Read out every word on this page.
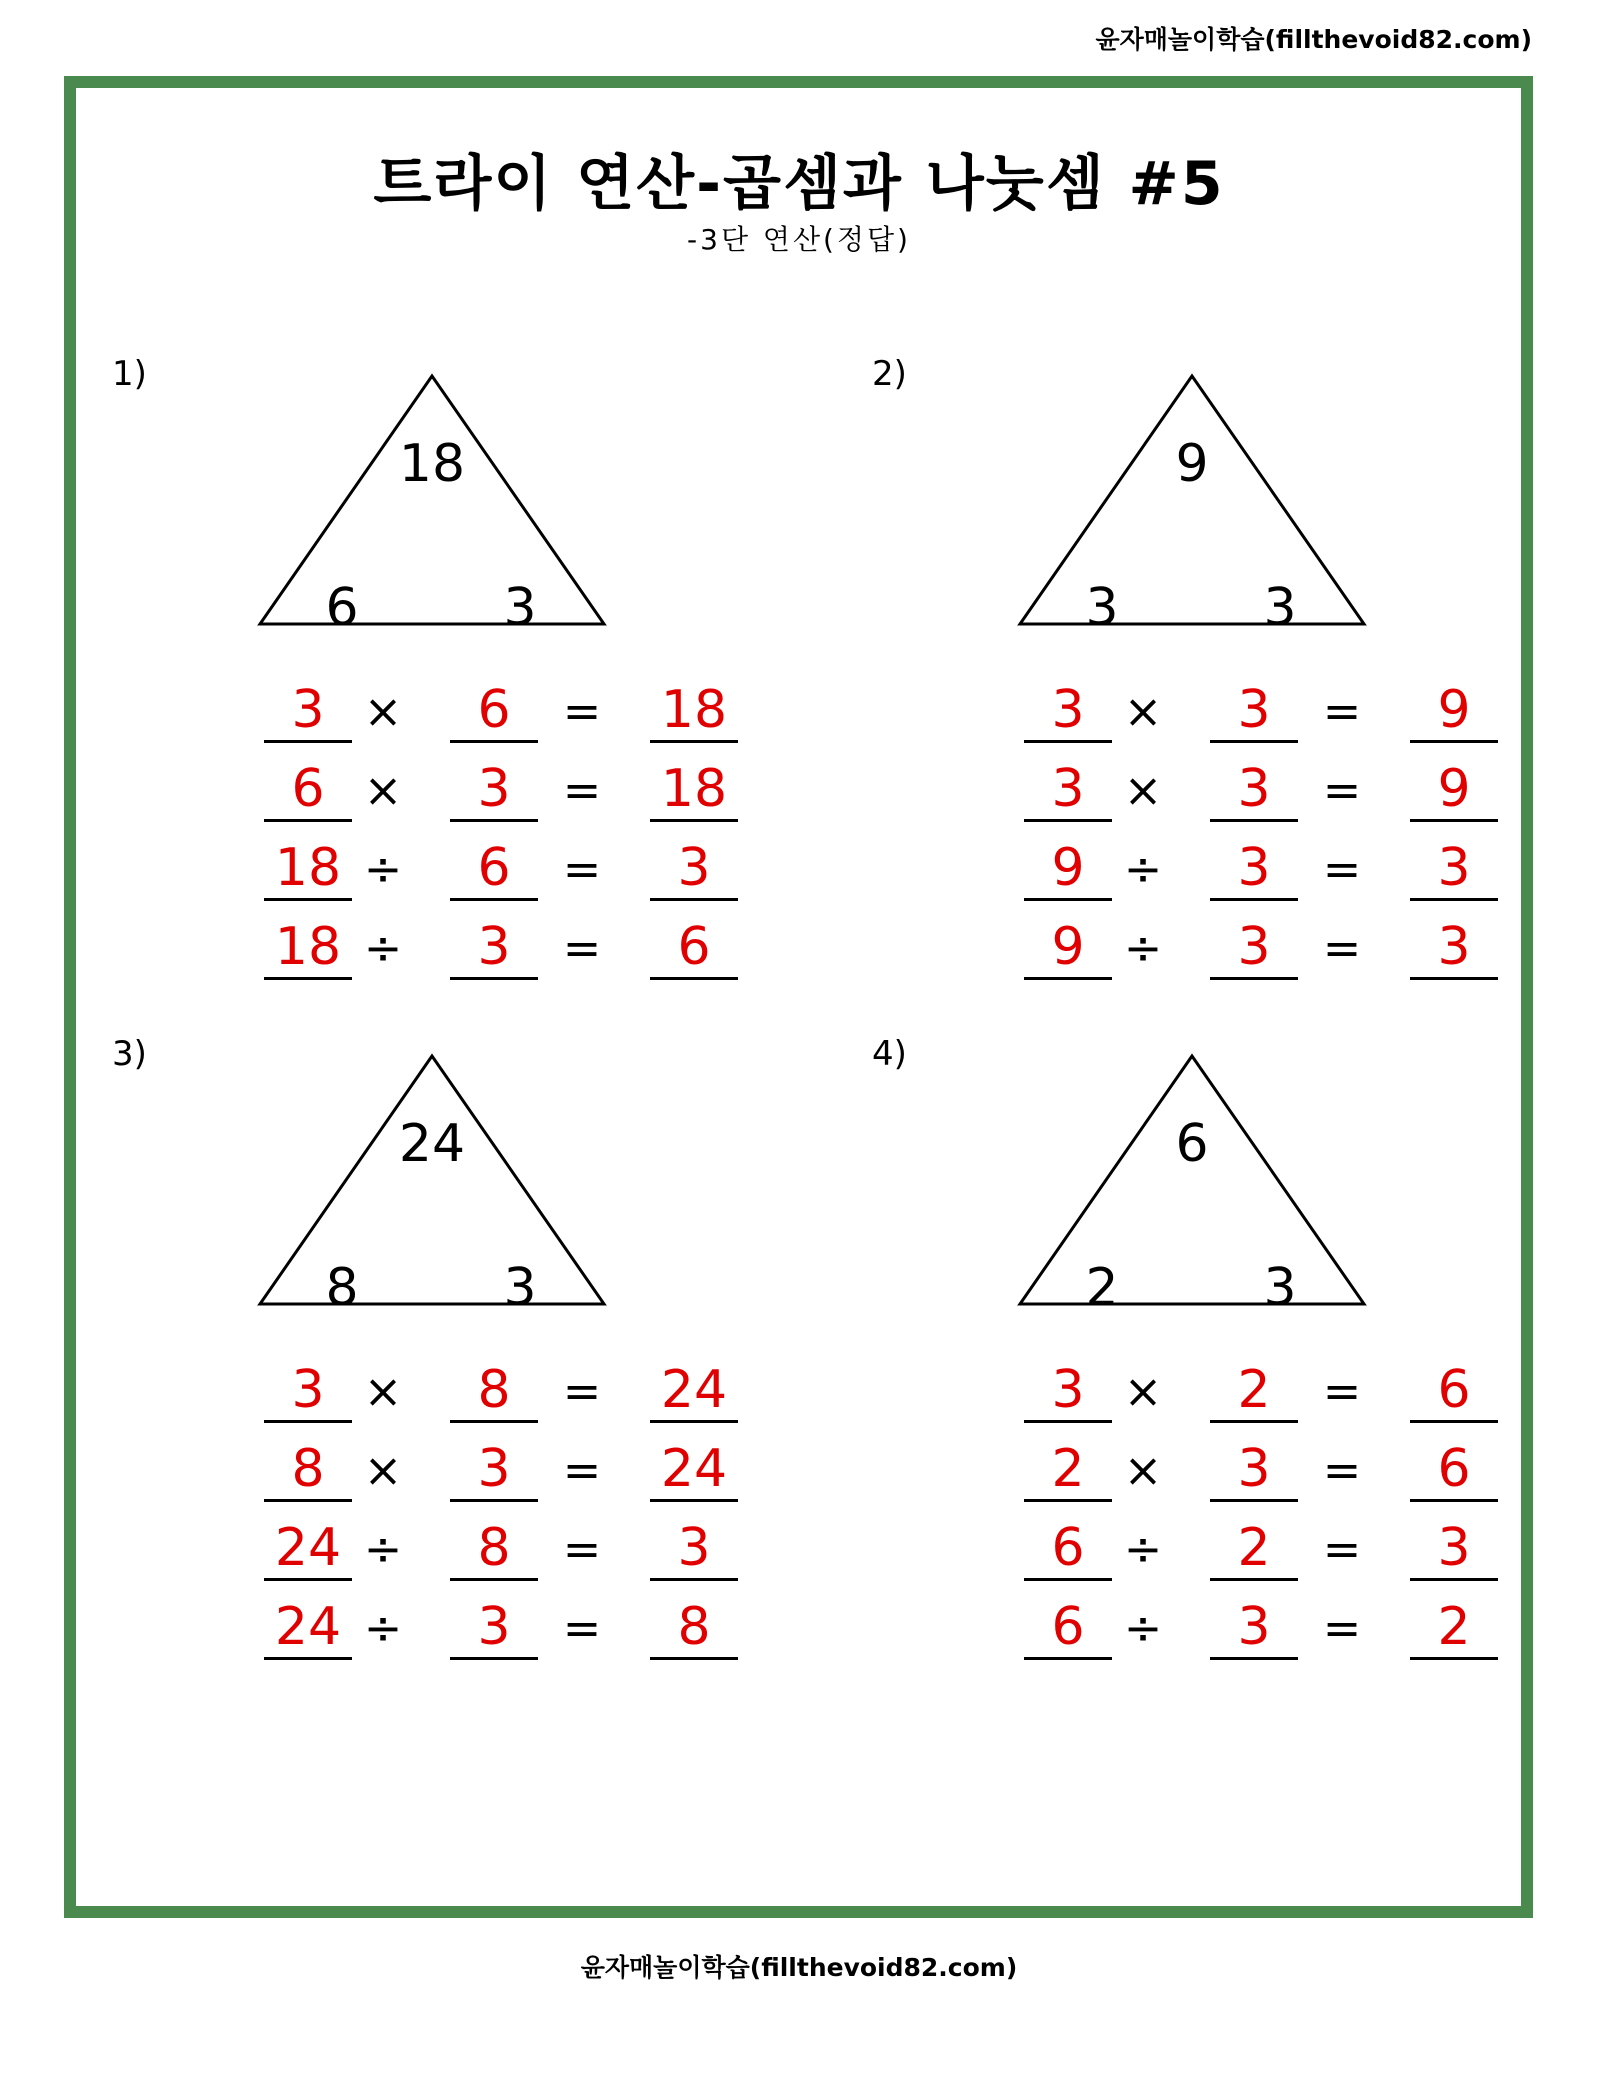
윤자매놀이학습(fillthevoid82.com)
트라이 연산-곱셈과 나눗셈 #5
-3단 연산(정답)
1)
18
6	3
3 ×	6	= 18
6 ×	3	= 18
18 ÷	6	=	3
18 ÷	3	=	6
2)
9
3	3
3 ×	3	=	9
3 ×	3	=	9
9 ÷	3	=	3
9 ÷	3	=	3
3)
24
8	3
3 ×	8	= 24
8 ×	3	= 24
24 ÷	8	=	3
24 ÷	3	=	8
4)
6
2	3
3 ×	2	=	6
2 ×	3	=	6
6 ÷	2	=	3
6 ÷	3	=	2
윤자매놀이학습(fillthevoid82.com)
